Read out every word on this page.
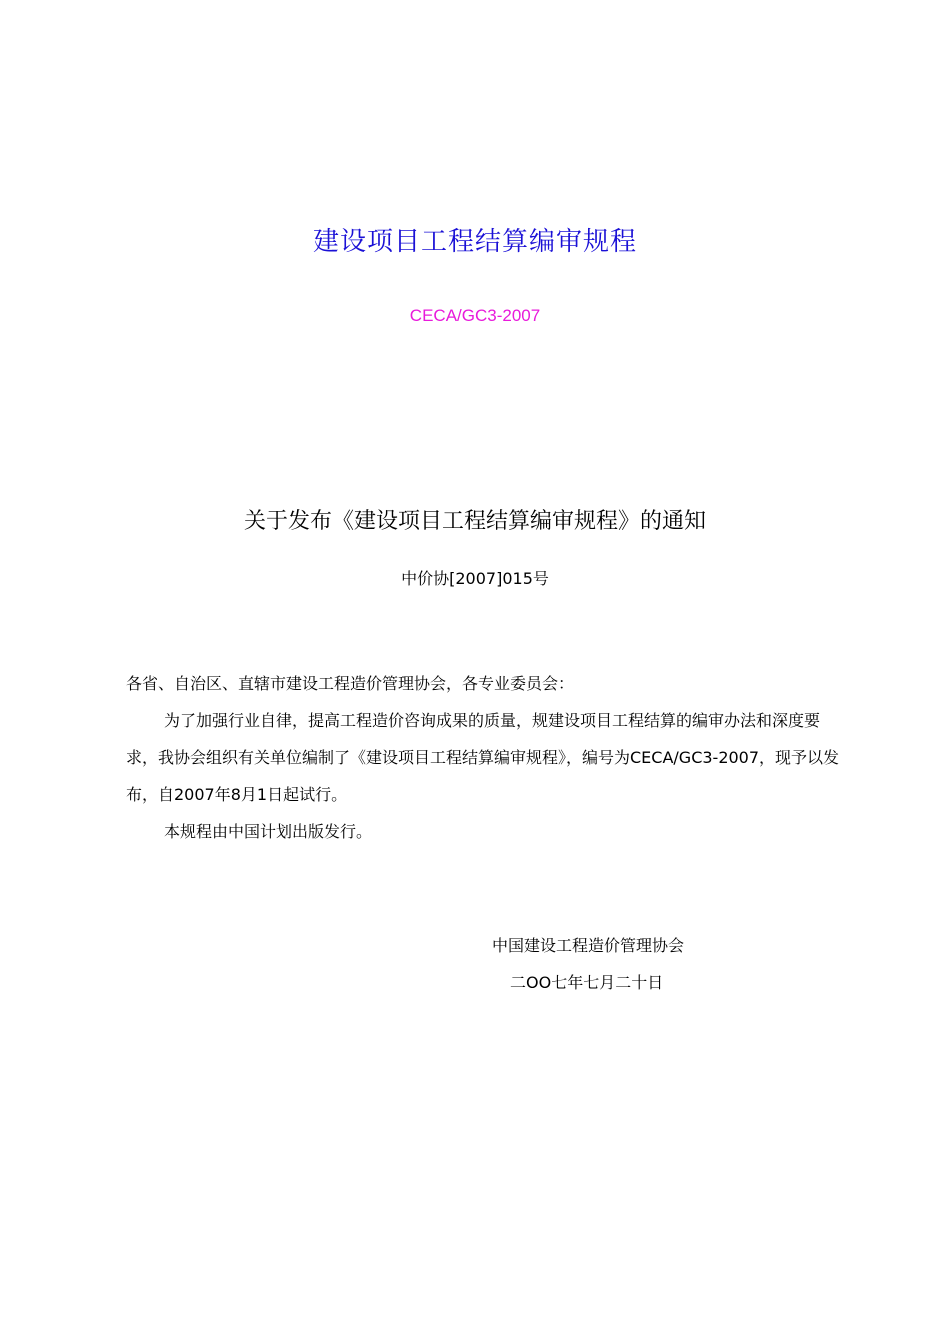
建设项目工程结算编审规程
CECA/GC3-2007
关于发布《建设项目工程结算编审规程》的通知
中价协[2007]015号
各省、自治区、直辖市建设工程造价管理协会，各专业委员会：
为了加强行业自律，提高工程造价咨询成果的质量，规建设项目工程结算的编审办法和深度要求，我协会组织有关单位编制了《建设项目工程结算编审规程》，编号为CECA/GC3-2007，现予以发布，自2007年8月1日起试行。
本规程由中国计划出版发行。
中国建设工程造价管理协会
二OO七年七月二十日
